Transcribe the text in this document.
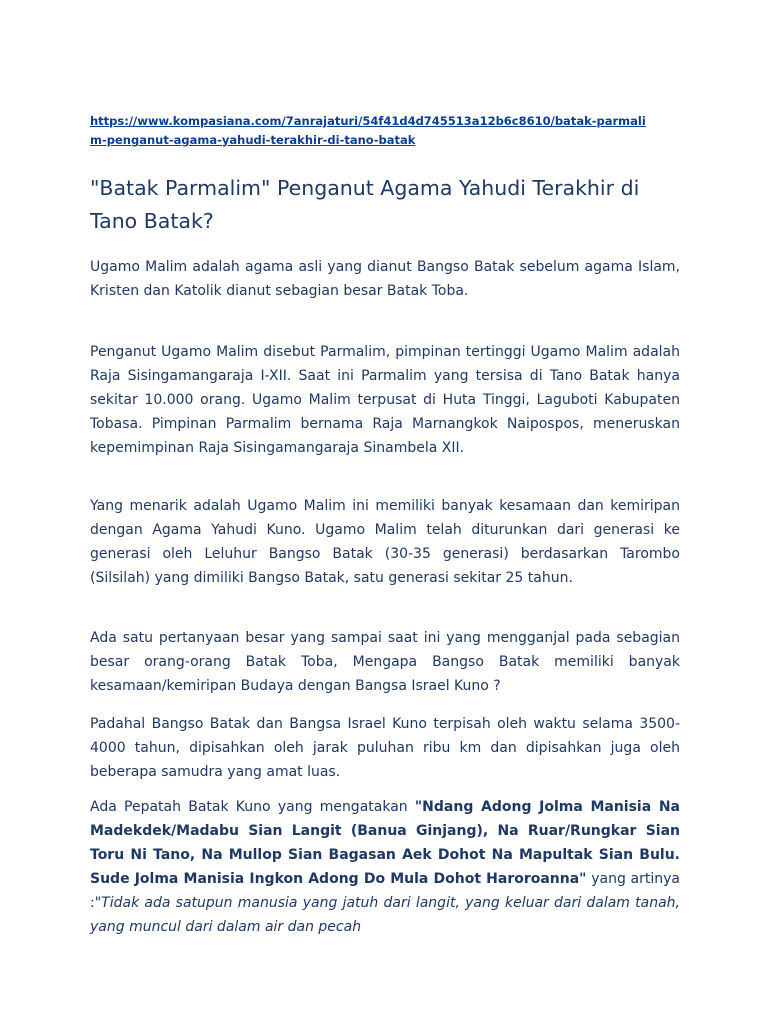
https://www.kompasiana.com/7anrajaturi/54f41d4d745513a12b6c8610/batak-parmalim-penganut-agama-yahudi-terakhir-di-tano-batak
"Batak Parmalim" Penganut Agama Yahudi Terakhir di Tano Batak?

Ugamo Malim adalah agama asli yang dianut Bangso Batak sebelum agama Islam, Kristen dan Katolik dianut sebagian besar Batak Toba.

Penganut Ugamo Malim disebut Parmalim, pimpinan tertinggi Ugamo Malim adalah Raja Sisingamangaraja I-XII. Saat ini Parmalim yang tersisa di Tano Batak hanya sekitar 10.000 orang. Ugamo Malim terpusat di Huta Tinggi, Laguboti Kabupaten Tobasa. Pimpinan Parmalim bernama Raja Marnangkok Naipospos, meneruskan kepemimpinan Raja Sisingamangaraja Sinambela XII.

Yang menarik adalah Ugamo Malim ini memiliki banyak kesamaan dan kemiripan dengan Agama Yahudi Kuno. Ugamo Malim telah diturunkan dari generasi ke generasi oleh Leluhur Bangso Batak (30-35 generasi) berdasarkan Tarombo (Silsilah) yang dimiliki Bangso Batak, satu generasi sekitar 25 tahun.

Ada satu pertanyaan besar yang sampai saat ini yang mengganjal pada sebagian besar orang-orang Batak Toba, Mengapa Bangso Batak memiliki banyak kesamaan/kemiripan Budaya dengan Bangsa Israel Kuno ?

Padahal Bangso Batak dan Bangsa Israel Kuno terpisah oleh waktu selama 3500-4000 tahun, dipisahkan oleh jarak puluhan ribu km dan dipisahkan juga oleh beberapa samudra yang amat luas.

Ada Pepatah Batak Kuno yang mengatakan "Ndang Adong Jolma Manisia Na Madekdek/Madabu Sian Langit (Banua Ginjang), Na Ruar/Rungkar Sian Toru Ni Tano, Na Mullop Sian Bagasan Aek Dohot Na Mapultak Sian Bulu. Sude Jolma Manisia Ingkon Adong Do Mula Dohot Haroroanna" yang artinya :"Tidak ada satupun manusia yang jatuh dari langit, yang keluar dari dalam tanah, yang muncul dari dalam air dan pecah
